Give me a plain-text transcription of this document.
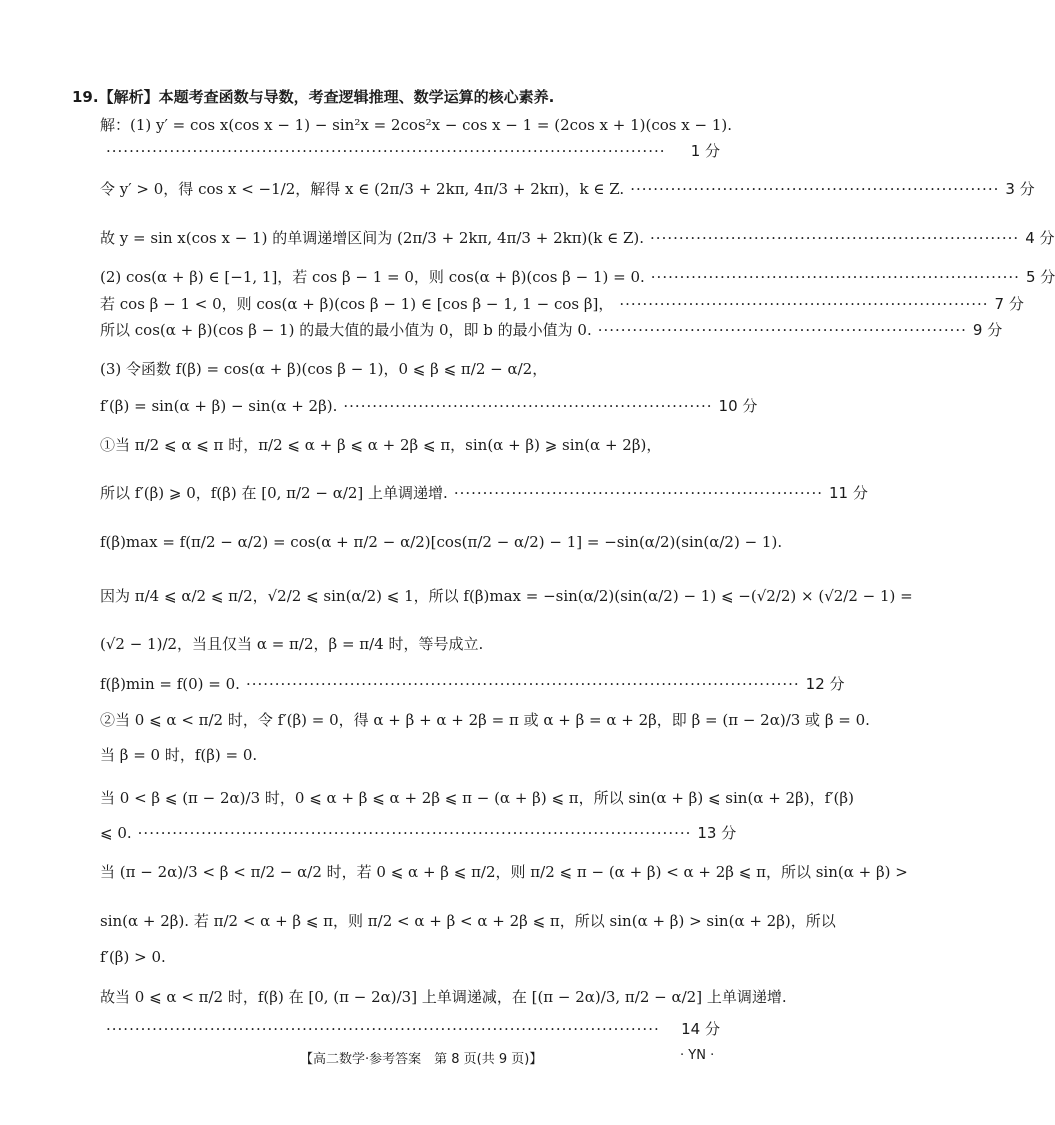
19.【解析】本题考查函数与导数，考查逻辑推理、数学运算的核心素养.
解：(1) y′ = cos x(cos x − 1) − sin²x = 2cos²x − cos x − 1 = (2cos x + 1)(cos x − 1).
·································································································	1 分
令 y′ > 0，得 cos x < −1/2，解得 x ∈ (2π/3 + 2kπ, 4π/3 + 2kπ)，k ∈ Z. ································································ 3 分
故 y = sin x(cos x − 1) 的单调递增区间为 (2π/3 + 2kπ, 4π/3 + 2kπ)(k ∈ Z). ································································ 4 分
(2) cos(α + β) ∈ [−1, 1]，若 cos β − 1 = 0，则 cos(α + β)(cos β − 1) = 0. ································································ 5 分
若 cos β − 1 < 0，则 cos(α + β)(cos β − 1) ∈ [cos β − 1, 1 − cos β]， ································································ 7 分
所以 cos(α + β)(cos β − 1) 的最大值的最小值为 0，即 b 的最小值为 0. ································································ 9 分
(3) 令函数 f(β) = cos(α + β)(cos β − 1)，0 ⩽ β ⩽ π/2 − α/2，
f′(β) = sin(α + β) − sin(α + 2β). ································································ 10 分
①当 π/2 ⩽ α ⩽ π 时，π/2 ⩽ α + β ⩽ α + 2β ⩽ π，sin(α + β) ⩾ sin(α + 2β)，
所以 f′(β) ⩾ 0，f(β) 在 [0, π/2 − α/2] 上单调递增. ································································ 11 分
f(β)max = f(π/2 − α/2) = cos(α + π/2 − α/2)[cos(π/2 − α/2) − 1] = −sin(α/2)(sin(α/2) − 1).
因为 π/4 ⩽ α/2 ⩽ π/2，√2/2 ⩽ sin(α/2) ⩽ 1，所以 f(β)max = −sin(α/2)(sin(α/2) − 1) ⩽ −(√2/2) × (√2/2 − 1) =
(√2 − 1)/2，当且仅当 α = π/2，β = π/4 时，等号成立.
f(β)min = f(0) = 0. ································································································ 12 分
②当 0 ⩽ α < π/2 时，令 f′(β) = 0，得 α + β + α + 2β = π 或 α + β = α + 2β，即 β = (π − 2α)/3 或 β = 0.
当 β = 0 时，f(β) = 0.
当 0 < β ⩽ (π − 2α)/3 时，0 ⩽ α + β ⩽ α + 2β ⩽ π − (α + β) ⩽ π，所以 sin(α + β) ⩽ sin(α + 2β)，f′(β)
⩽ 0. ································································································ 13 分
当 (π − 2α)/3 < β < π/2 − α/2 时，若 0 ⩽ α + β ⩽ π/2，则 π/2 ⩽ π − (α + β) < α + 2β ⩽ π，所以 sin(α + β) >
sin(α + 2β). 若 π/2 < α + β ⩽ π，则 π/2 < α + β < α + 2β ⩽ π，所以 sin(α + β) > sin(α + 2β)，所以
f′(β) > 0.
故当 0 ⩽ α < π/2 时，f(β) 在 [0, (π − 2α)/3] 上单调递减，在 [(π − 2α)/3, π/2 − α/2] 上单调递增.
································································································	14 分
【高二数学·参考答案　第 8 页(共 9 页)】	· YN ·
